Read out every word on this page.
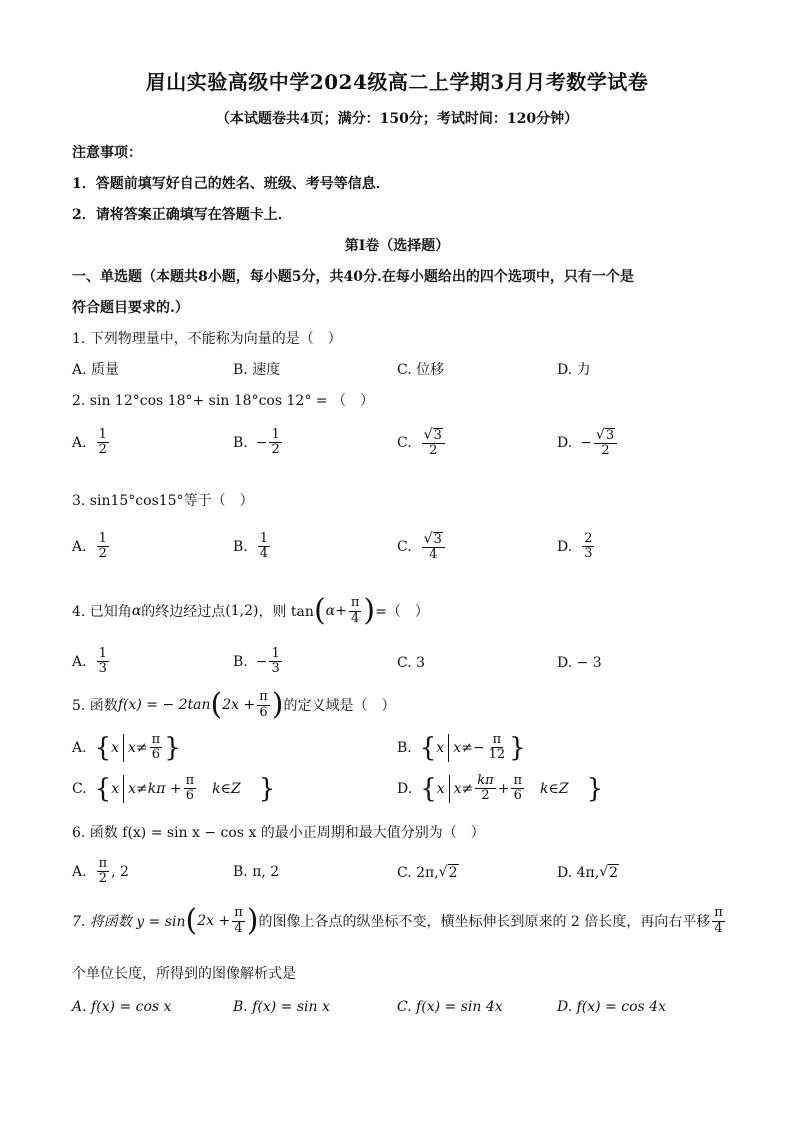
眉山实验高级中学2024级高二上学期3月月考数学试卷
（本试题卷共4页；满分：150分；考试时间：120分钟）
注意事项：
1．答题前填写好自己的姓名、班级、考号等信息．
2．请将答案正确填写在答题卡上．
第I卷（选择题）
一、单选题（本题共8小题，每小题5分，共40分.在每小题给出的四个选项中，只有一个是
符合题目要求的.）
1. 下列物理量中，不能称为向量的是（　）
A. 质量	B. 速度	C. 位移	D. 力
2. sin 12°cos 18°+ sin 18°cos 12° = （　）
A. $\frac{1}{2}$	B. − $\frac{1}{2}$	C. $\frac{√ 3}{2}$	D. − $\frac{√ 3}{2}$
3. sin15°cos15°等于（　）
A. $\frac{1}{2}$	B. $\frac{1}{4}$	C. $\frac{√ 3}{4}$	D. $\frac{2}{3}$
4. 已知角 α 的终边经过点 (1,2) ，则 tan ( $\alpha + \frac{\pi}{4}$ ) =（　）
A. $\frac{1}{3}$	B. − $\frac{1}{3}$	C. 3	D. − 3
5. 函数 f(x) = − 2tan ( $2x + \frac{\pi}{6}$ ) 的定义域是（　）
A. { x $x\ne \frac{\pi}{6}$ }	B. { x $x\ne- \frac{\pi}{12}$ }
C. { x $x\ne k\pi + \frac{\pi}{6}$ k∈Z }	D. { x $x\ne \frac{k\pi}{2} + \frac{\pi}{6}$ k∈Z }
6. 函数 f(x) = sin x − cos x 的最小正周期和最大值分别为（　）
A. $\frac{\pi}{2}$ , 2	B. π, 2	C. 2π, √ 2	D. 4π, √ 2
7. 将函数 y = sin ( $2x + \frac{\pi}{4}$ ) 的图像上各点的纵坐标不变，横坐标伸长到原来的 2 倍长度，再向右平移 $\frac{\pi}{4}$
个单位长度，所得到的图像解析式是
A. f(x) = cos x	B. f(x) = sin x	C. f(x) = sin 4x	D. f(x) = cos 4x
